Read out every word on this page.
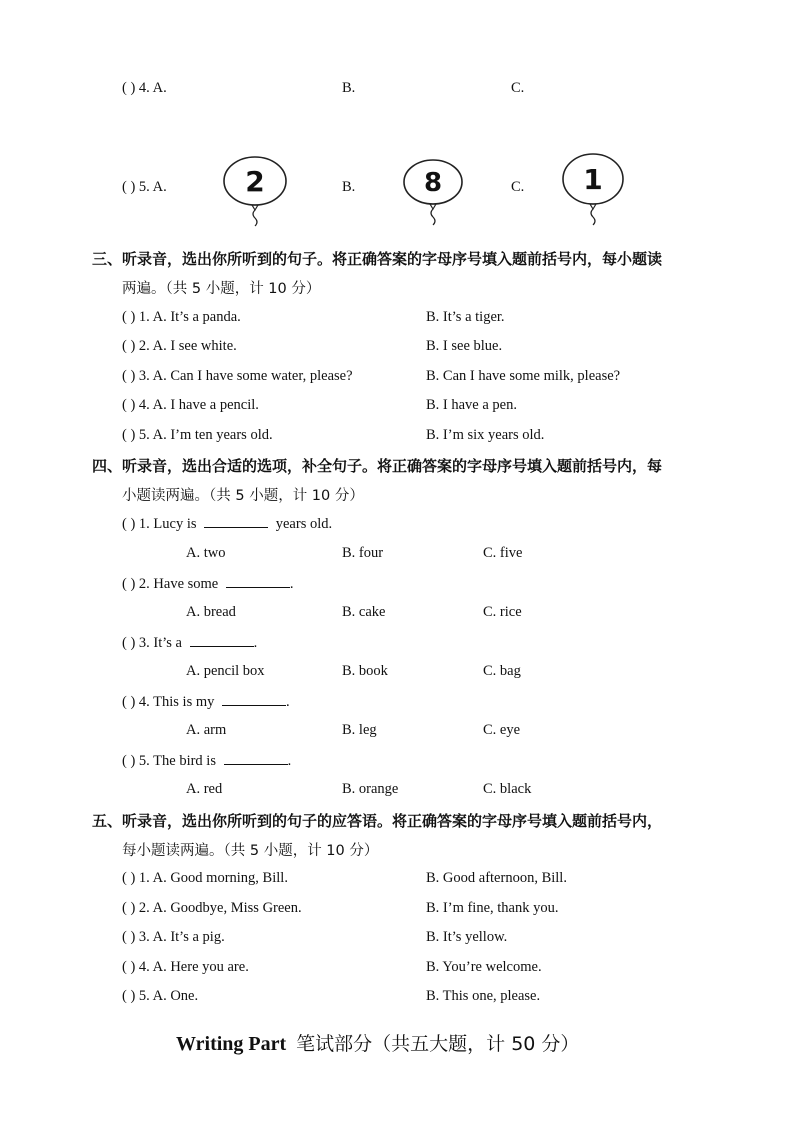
( ) 4. A.	B.	C.
( ) 5. A.	B.	C.
2	8	1
三、听录音，选出你所听到的句子。将正确答案的字母序号填入题前括号内，每小题读
两遍。（共 5 小题，计 10 分）
( ) 1. A. It’s a panda.	B. It’s a tiger.
( ) 2. A. I see white.	B. I see blue.
( ) 3. A. Can I have some water, please?	B. Can I have some milk, please?
( ) 4. A. I have a pencil.	B. I have a pen.
( ) 5. A. I’m ten years old.	B. I’m six years old.
四、听录音，选出合适的选项，补全句子。将正确答案的字母序号填入题前括号内，每
小题读两遍。（共 5 小题，计 10 分）
( ) 1. Lucy is	years old.
A. two	B. four	C. five
( ) 2. Have some	.
A. bread	B. cake	C. rice
( ) 3. It’s a	.
A. pencil box	B. book	C. bag
( ) 4. This is my	.
A. arm	B. leg	C. eye
( ) 5. The bird is	.
A. red	B. orange	C. black
五、听录音，选出你所听到的句子的应答语。将正确答案的字母序号填入题前括号内，
每小题读两遍。（共 5 小题，计 10 分）
( ) 1. A. Good morning, Bill.	B. Good afternoon, Bill.
( ) 2. A. Goodbye, Miss Green.	B. I’m fine, thank you.
( ) 3. A. It’s a pig.	B. It’s yellow.
( ) 4. A. Here you are.	B. You’re welcome.
( ) 5. A. One.	B. This one, please.
Writing Part 笔试部分（共五大题，计 50 分）
